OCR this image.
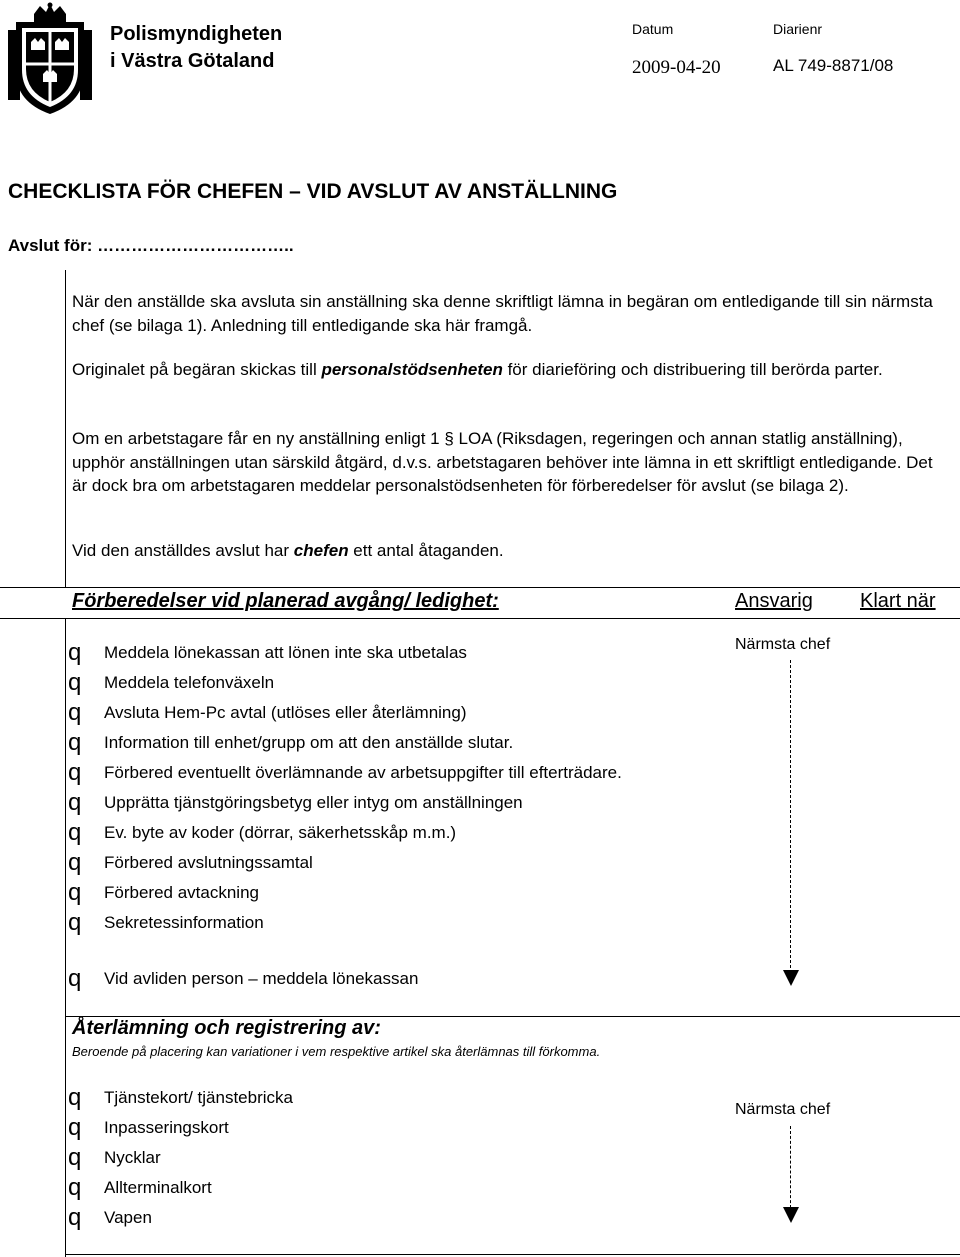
Polismyndigheten
i Västra Götaland
Datum
2009-04-20
Diarienr
AL 749-8871/08
CHECKLISTA FÖR CHEFEN – VID AVSLUT AV ANSTÄLLNING
Avslut för: ……………………………..
När den anställde ska avsluta sin anställning ska denne skriftligt lämna in begäran om entledigande till sin närmsta chef (se bilaga 1). Anledning till entledigande ska här framgå.
Originalet på begäran skickas till personalstödsenheten för diarieföring och distribuering till berörda parter.
Om en arbetstagare får en ny anställning enligt 1 § LOA (Riksdagen, regeringen och annan statlig anställning), upphör anställningen utan särskild åtgärd, d.v.s. arbetstagaren behöver inte lämna in ett skriftligt entledigande. Det är dock bra om arbetstagaren meddelar personalstödsenheten för förberedelser för avslut (se bilaga 2).
Vid den anställdes avslut har chefen ett antal åtaganden.
Förberedelser vid planerad avgång/ ledighet:	Ansvarig Klart när
q Meddela lönekassan att lönen inte ska utbetalas
q Meddela telefonväxeln
q Avsluta Hem-Pc avtal (utlöses eller återlämning)
q Information till enhet/grupp om att den anställde slutar.
q Förbered eventuellt överlämnande av arbetsuppgifter till efterträdare.
q Upprätta tjänstgöringsbetyg eller intyg om anställningen
q Ev. byte av koder (dörrar, säkerhetsskåp m.m.)
q Förbered avslutningssamtal
q Förbered avtackning
q Sekretessinformation
q Vid avliden person – meddela lönekassan
Närmsta chef
Återlämning och registrering av:
Beroende på placering kan variationer i vem respektive artikel ska återlämnas till förkomma.
q Tjänstekort/ tjänstebricka
q Inpasseringskort
q Nycklar
q Allterminalkort
q Vapen
Närmsta chef
